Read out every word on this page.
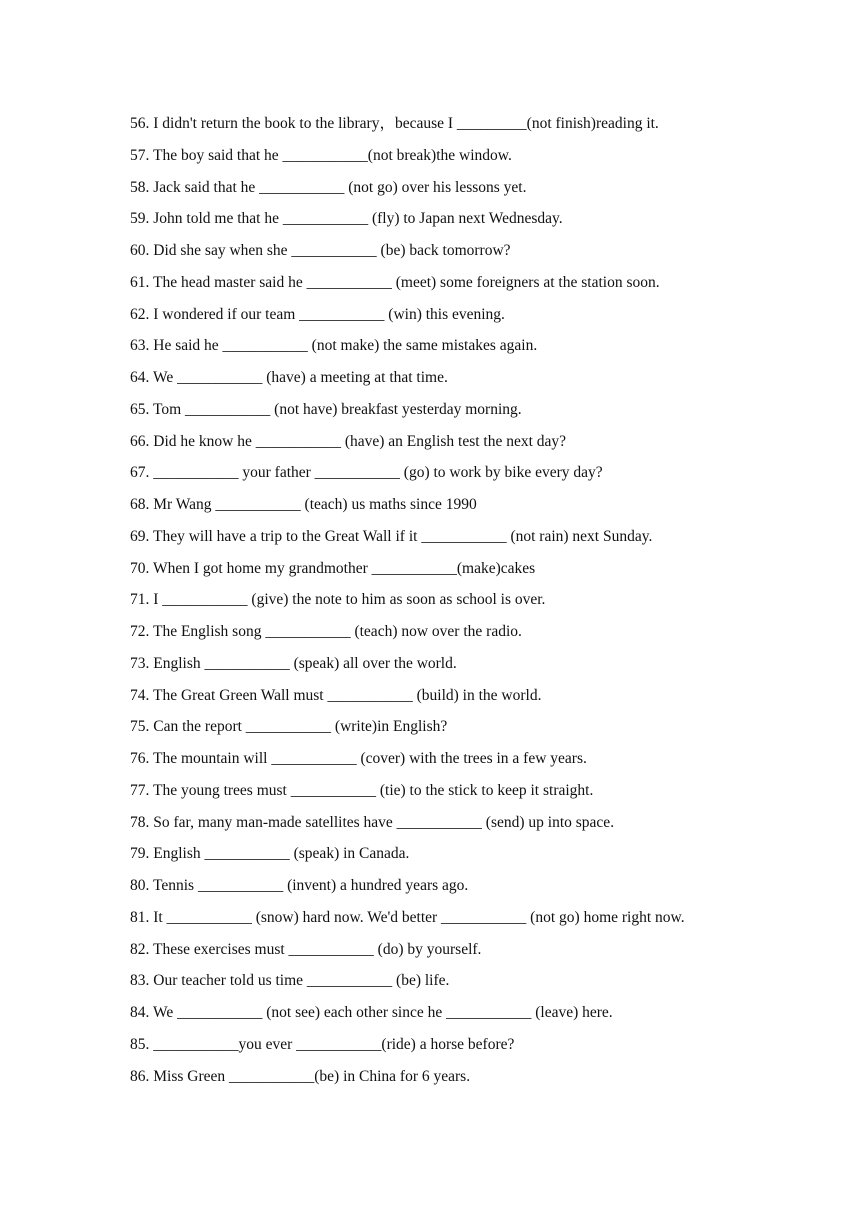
56. I didn't return the book to the library，because I _________(not finish)reading it.
57. The boy said that he ___________(not break)the window.
58. Jack said that he ___________ (not go) over his lessons yet.
59. John told me that he ___________ (fly) to Japan next Wednesday.
60. Did she say when she ___________ (be) back tomorrow?
61. The head master said he ___________ (meet) some foreigners at the station soon.
62. I wondered if our team ___________ (win) this evening.
63. He said he ___________ (not make) the same mistakes again.
64. We ___________ (have) a meeting at that time.
65. Tom ___________ (not have) breakfast yesterday morning.
66. Did he know he ___________ (have) an English test the next day?
67. ___________ your father ___________ (go) to work by bike every day?
68. Mr Wang ___________ (teach) us maths since 1990
69. They will have a trip to the Great Wall if it ___________ (not rain) next Sunday.
70. When I got home my grandmother ___________(make)cakes
71. I ___________ (give) the note to him as soon as school is over.
72. The English song ___________ (teach) now over the radio.
73. English ___________ (speak) all over the world.
74. The Great Green Wall must ___________ (build) in the world.
75. Can the report ___________ (write)in English?
76. The mountain will ___________ (cover) with the trees in a few years.
77. The young trees must ___________ (tie) to the stick to keep it straight.
78. So far, many man-made satellites have ___________ (send) up into space.
79. English ___________ (speak) in Canada.
80. Tennis ___________ (invent) a hundred years ago.
81. It ___________ (snow) hard now. We'd better ___________ (not go) home right now.
82. These exercises must ___________ (do) by yourself.
83. Our teacher told us time ___________ (be) life.
84. We ___________ (not see) each other since he ___________ (leave) here.
85. ___________you ever ___________(ride) a horse before?
86. Miss Green ___________(be) in China for 6 years.
